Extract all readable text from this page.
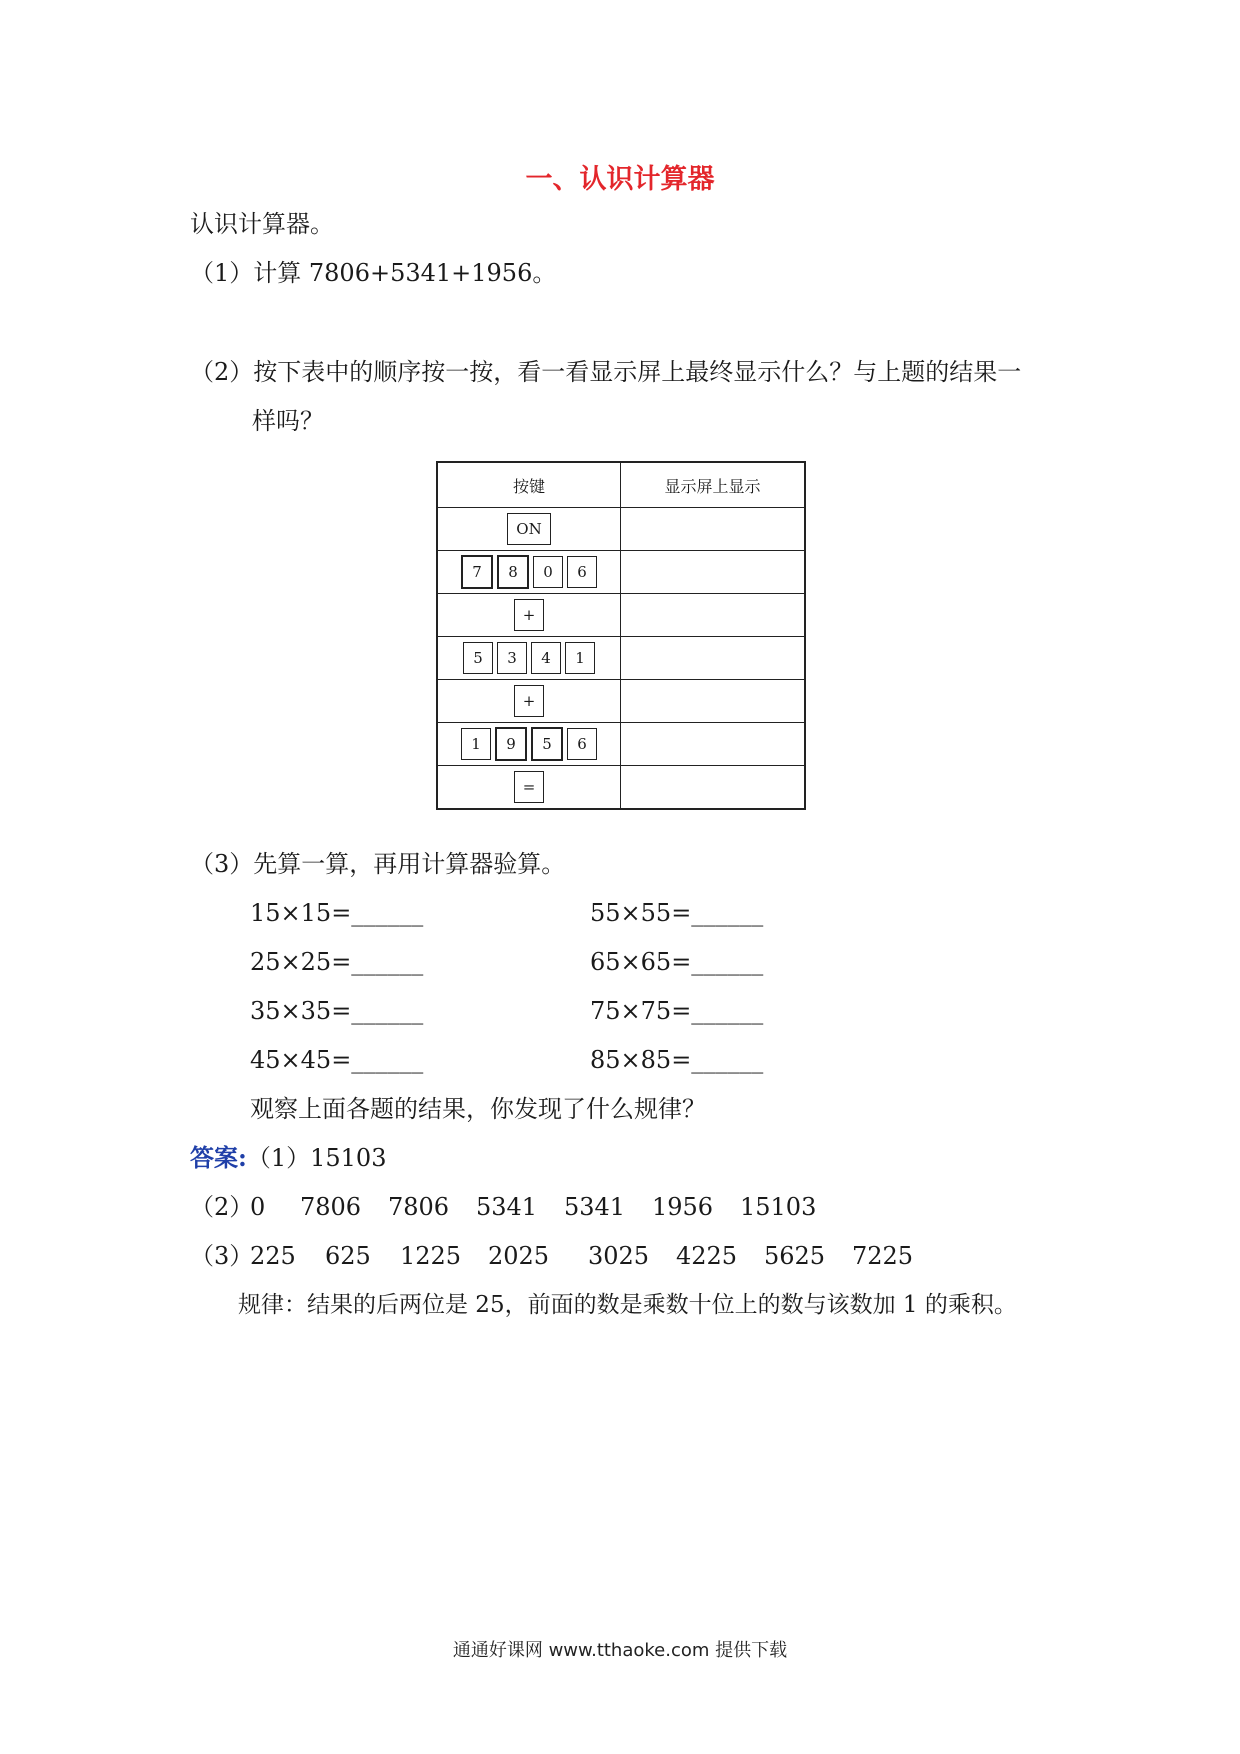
一、认识计算器
认识计算器。
（1）计算 7806+5341+1956。
（2）按下表中的顺序按一按，看一看显示屏上最终显示什么？与上题的结果一
样吗？
按键	显示屏上显示
ON	
7 8 0 6	
+	
5 3 4 1	
+	
1 9 5 6	
=	
（3）先算一算，再用计算器验算。
15×15=______
25×25=______
35×35=______
45×45=______
55×55=______
65×65=______
75×75=______
85×85=______
观察上面各题的结果，你发现了什么规律？
答案:（1）15103
（2）
0 7806 7806 5341 5341 1956 15103
（3）
225 625 1225 2025 3025 4225 5625 7225
规律：结果的后两位是 25，前面的数是乘数十位上的数与该数加 1 的乘积。
通通好课网 www.tthaoke.com 提供下载
